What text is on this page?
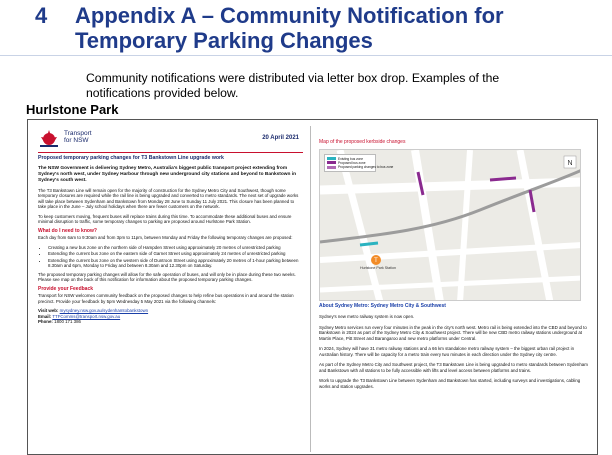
4 Appendix A – Community Notification for
Temporary Parking Changes
Community notifications were distributed via letter box drop. Examples of the notifications provided below.
Hurlstone Park
Transport
for NSW	20 April 2021
Proposed temporary parking changes for T3 Bankstown Line upgrade work
The NSW Government is delivering Sydney Metro, Australia's biggest public transport project extending from Sydney's north west, under Sydney Harbour through new underground city stations and beyond to Bankstown in Sydney's south west.
The T3 Bankstown Line will remain open for the majority of construction for the Sydney Metro City and Southwest, though some temporary closures are required while the rail line is being upgraded and converted to metro standards. The next set of upgrade works will take place between Sydenham and Bankstown from Monday 28 June to Sunday 11 July 2021. This closure has been planned to take place in the June – July school holidays when there are fewer customers on the network.
To keep customers moving, frequent buses will replace trains during this time. To accommodate these additional buses and ensure minimal disruption to traffic, some temporary changes to parking are proposed around Hurlstone Park Station.
What do I need to know?
Each day from 6am to 9:30am and from 3pm to 11pm, between Monday and Friday the following temporary changes are proposed:
• Creating a new bus zone on the northern side of Hampden Street using approximately 20 metres of unrestricted parking
• Extending the current bus zone on the eastern side of Garnet Street using approximately 24 metres of unrestricted parking
• Extending the current bus zone on the western side of Duntroon Street using approximately 20 metres of 1-hour parking between 8.30am and 6pm, Monday to Friday and between 8.30am and 12.30pm on Saturday.
The proposed temporary parking changes will allow for the safe operation of buses, and will only be in place during these two weeks. Please see map on the back of this notification for information about the proposed temporary parking changes.
Provide your Feedback
Transport for NSW welcomes community feedback on the proposed changes to help refine bus operations in and around the station precinct. Provide your feedback by 5pm Wednesday 5 May 2021 via the following channels:
Visit web: mysydney.nsw.gov.au/sydenhamtobankstown
Email: TTFComms@transport.nsw.gov.au
Phone: 1800 171 386
Map of the proposed kerbside changes
T
N
Existing bus zone
Proposed bus zone
Proposed parking changes to bus zone
Hurlstone Park Station
About Sydney Metro: Sydney Metro City & Southwest
Sydney's new metro railway system is now open.
Sydney Metro services run every four minutes in the peak in the city's north west. Metro rail is being extended into the CBD and beyond to Bankstown in 2024 as part of the Sydney Metro City & Southwest project. There will be new CBD metro railway stations underground at Martin Place, Pitt Street and Barangaroo and new metro platforms under Central.
In 2024, Sydney will have 31 metro railway stations and a 66 km standalone metro railway system – the biggest urban rail project in Australian history. There will be capacity for a metro train every two minutes in each direction under the Sydney city centre.
As part of the Sydney Metro City and Southwest project, the T3 Bankstown Line is being upgraded to metro standards between Sydenham and Bankstown with all stations to be fully accessible with lifts and level access between platforms and trains.
Work to upgrade the T3 Bankstown Line between Sydenham and Bankstown has started, including surveys and investigations, cabling works and station upgrades.
